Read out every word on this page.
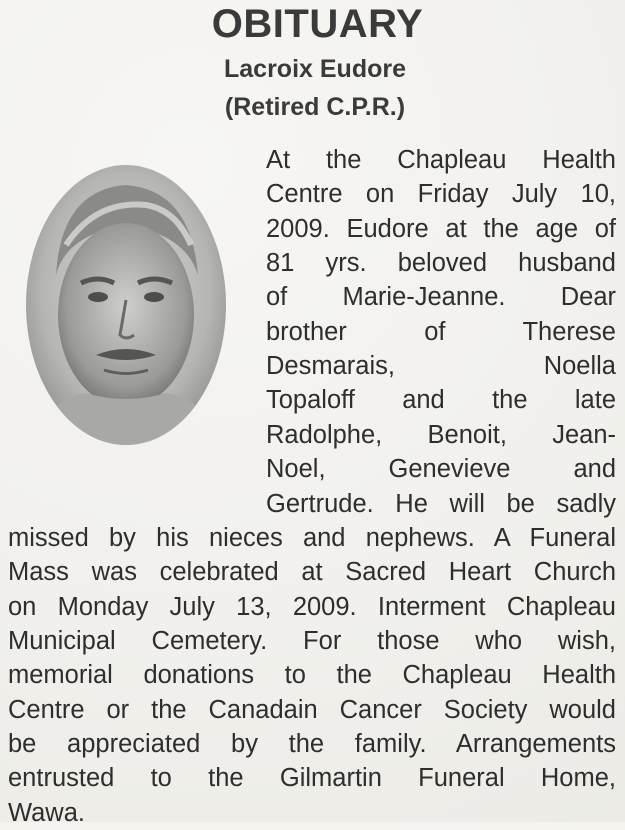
OBITUARY
Lacroix Eudore
(Retired C.P.R.)
At the Chapleau Health
Centre on Friday July 10,
2009. Eudore at the age of
81 yrs. beloved husband
of Marie-Jeanne. Dear
brother of Therese
Desmarais, Noella
Topaloff and the late
Radolphe, Benoit, Jean-
Noel, Genevieve and
Gertrude. He will be sadly
missed by his nieces and nephews. A Funeral
Mass was celebrated at Sacred Heart Church
on Monday July 13, 2009. Interment Chapleau
Municipal Cemetery. For those who wish,
memorial donations to the Chapleau Health
Centre or the Canadain Cancer Society would
be appreciated by the family. Arrangements
entrusted to the Gilmartin Funeral Home,
Wawa.
